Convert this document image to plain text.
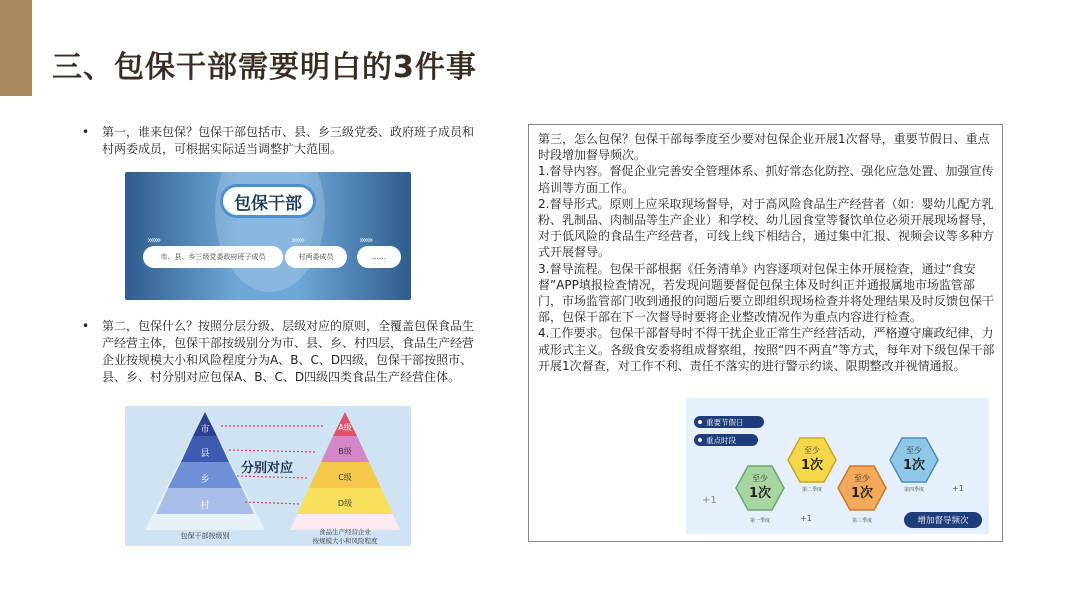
三、包保干部需要明白的3件事
• 第一，谁来包保？包保干部包括市、县、乡三级党委、政府班子成员和村两委成员，可根据实际适当调整扩大范围。
包保干部
»»»	»»»	»»»
市、县、乡三级党委政府班子成员	村两委成员	……
• 第二，包保什么？按照分层分级、层级对应的原则，全覆盖包保食品生产经营主体，包保干部按级别分为市、县、乡、村四层，食品生产经营企业按规模大小和风险程度分为A、B、C、D四级，包保干部按照市、县、乡、村分别对应包保A、B、C、D四级四类食品生产经营住体。
市
县
乡
村
A级
B级
C级
D级
分别对应
包保干部按级别	食品生产经营企业
按规模大小和风险程度

第三，怎么包保？包保干部每季度至少要对包保企业开展1次督导，重要节假日、重点时段增加督导频次。

1.督导内容。督促企业完善安全管理体系、抓好常态化防控、强化应急处置、加强宣传培训等方面工作。

2.督导形式。原则上应采取现场督导，对于高风险食品生产经营者（如：婴幼儿配方乳粉、乳制品、肉制品等生产企业）和学校、幼儿园食堂等餐饮单位必须开展现场督导，对于低风险的食品生产经营者，可线上线下相结合，通过集中汇报、视频会议等多种方式开展督导。

3.督导流程。包保干部根据《任务清单》内容逐项对包保主体开展检查，通过“食安督”APP填报检查情况，若发现问题要督促包保主体及时纠正并通报属地市场监管部门，市场监管部门收到通报的问题后要立即组织现场检查并将处理结果及时反馈包保干部，包保干部在下一次督导时要将企业整改情况作为重点内容进行检查。

4.工作要求。包保干部督导时不得干扰企业正常生产经营活动，严格遵守廉政纪律，力戒形式主义。各级食安委将组成督察组，按照“四不两直”等方式，每年对下级包保干部开展1次督查，对工作不利、责任不落实的进行警示约谈、限期整改并视情通报。

重要节假日
重点时段
+1
至少
1次
第一季度
至少
1次
第二季度
+1
至少
1次
第三季度
至少
1次
第四季度	+1
增加督导频次
